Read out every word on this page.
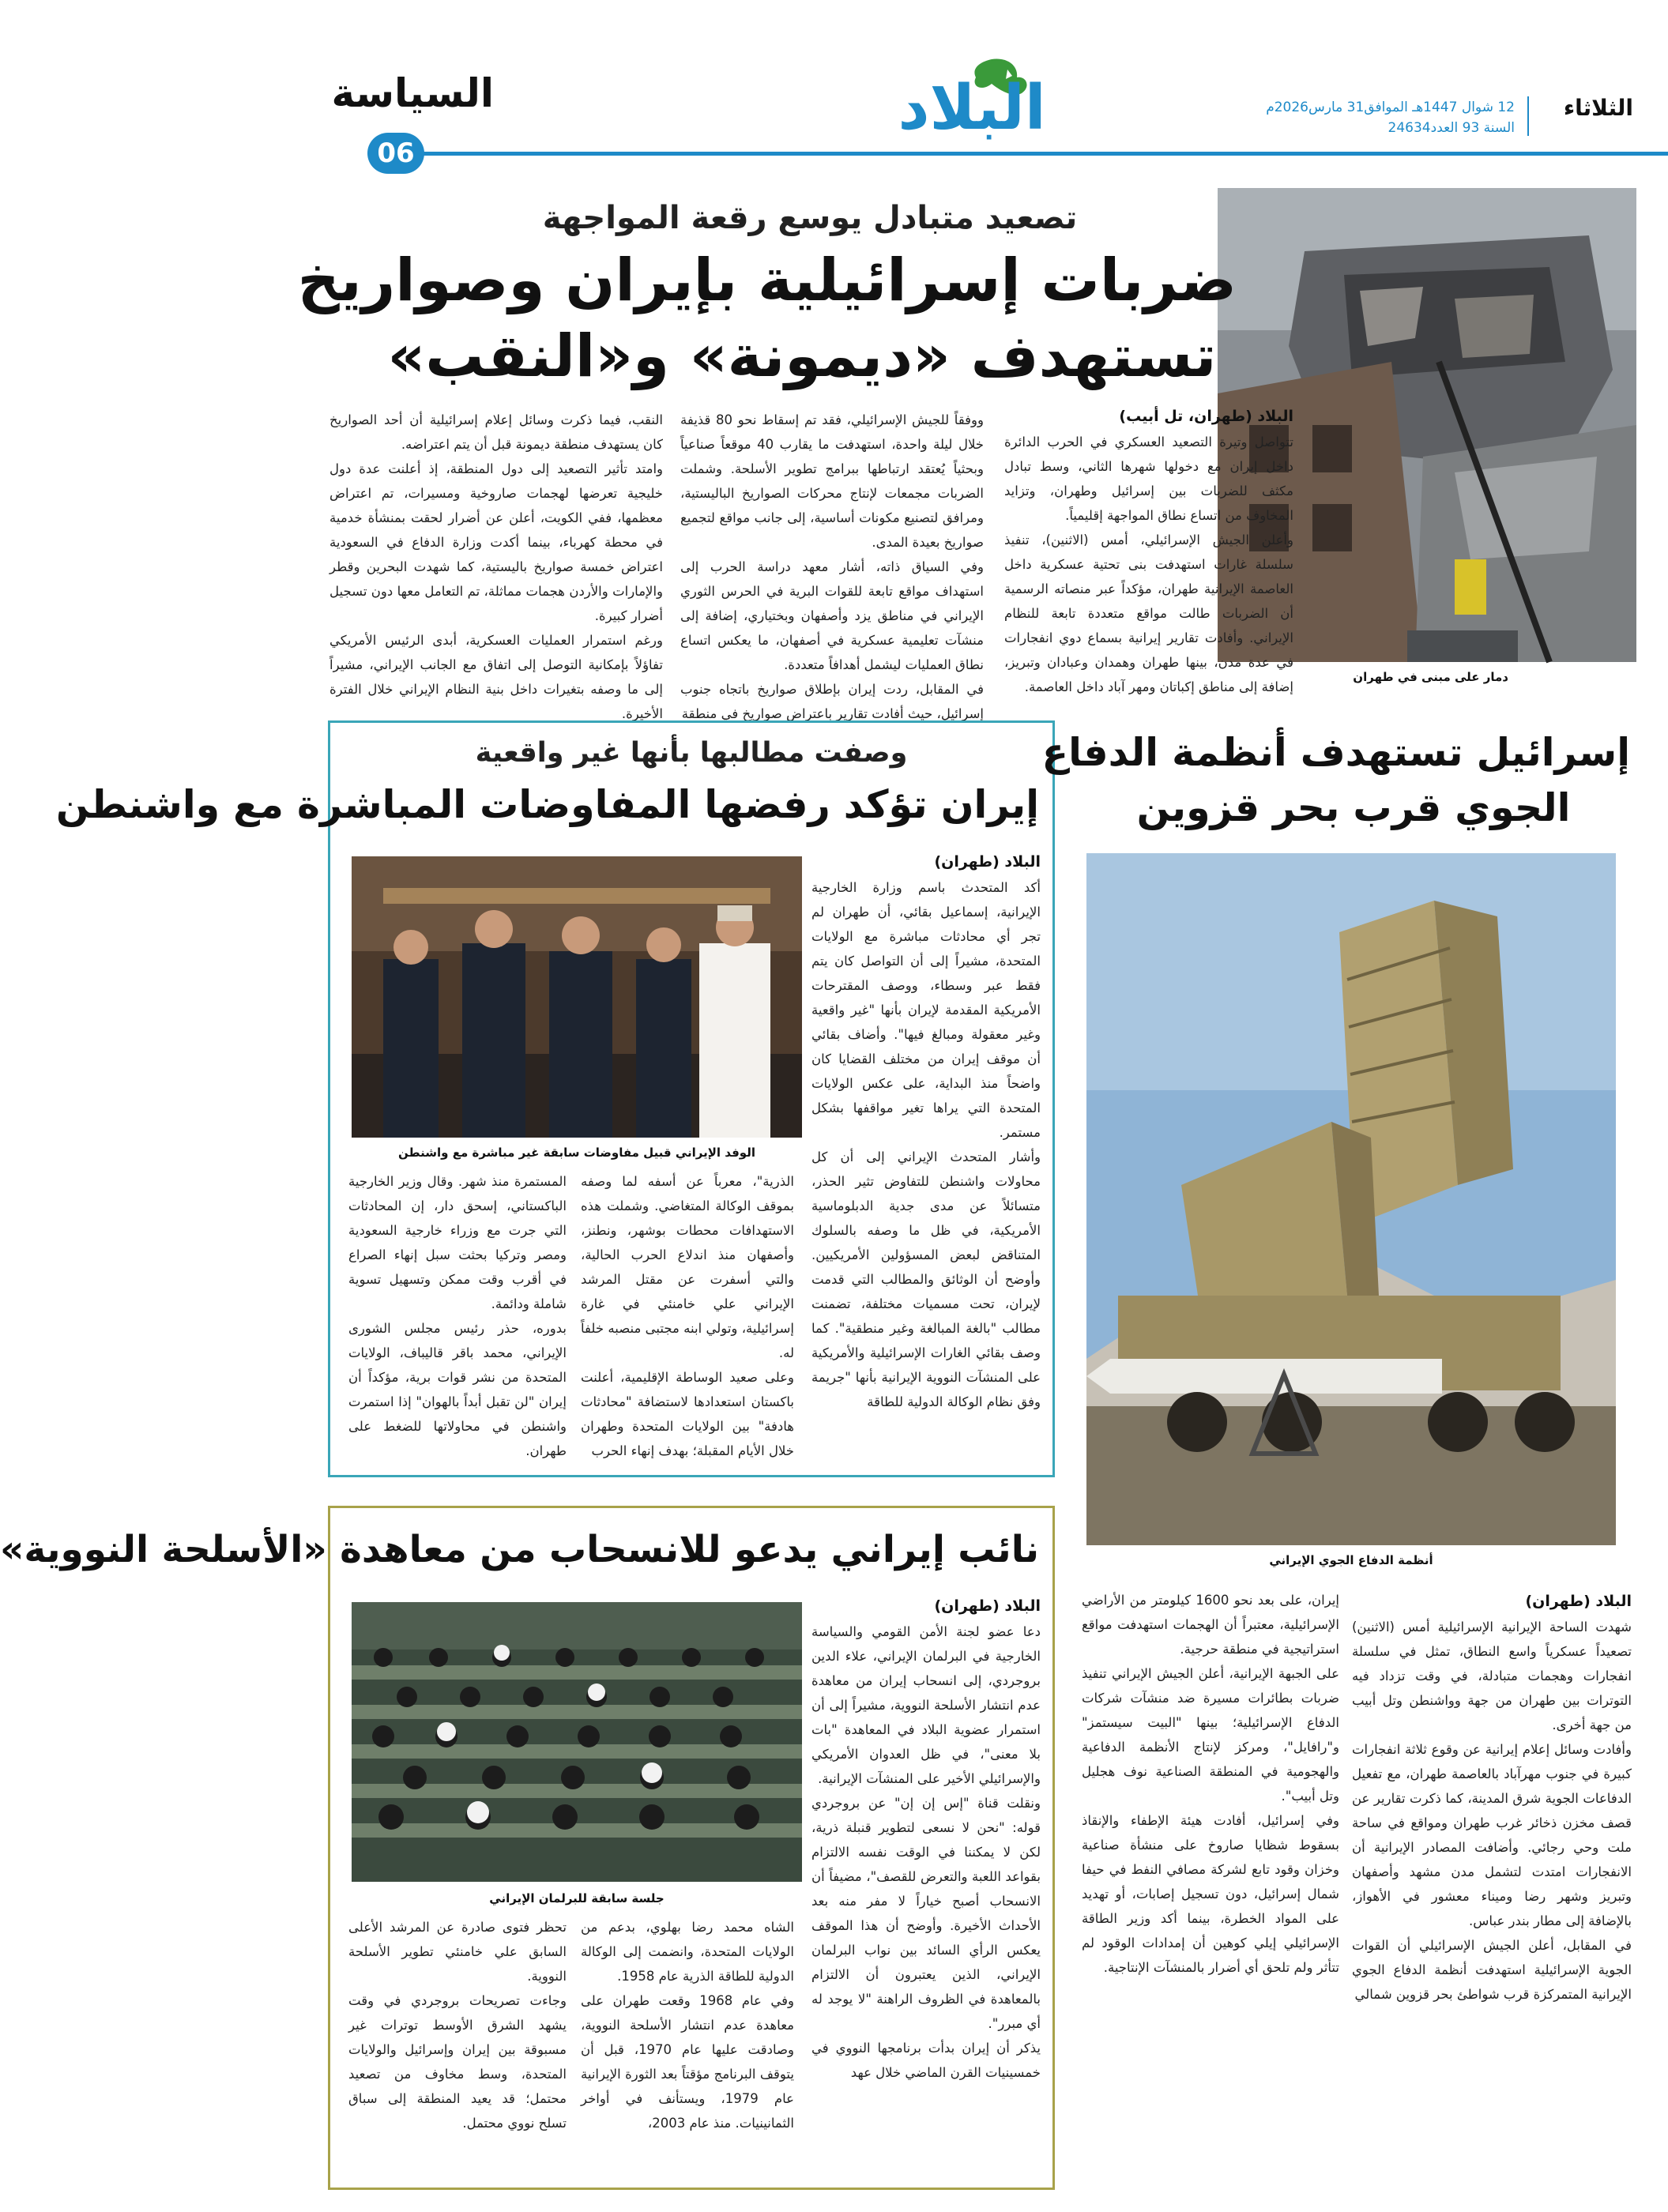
السياسة
06
البلاد	الثلاثاء
12 شوال 1447هـ الموافق31 مارس2026م
السنة 93 العدد24634
دمار على مبنى في طهران
تصعيد متبادل يوسع رقعة المواجهة
ضربات إسرائيلية بإيران وصواريخ
تستهدف «ديمونة» و«النقب»
البلاد (طهران، تل أبيب)

تتواصل وتيرة التصعيد العسكري في الحرب الدائرة داخل إيران مع دخولها شهرها الثاني، وسط تبادل مكثف للضربات بين إسرائيل وطهران، وتزايد المخاوف من اتساع نطاق المواجهة إقليمياً.

وأعلن الجيش الإسرائيلي، أمس (الاثنين)، تنفيذ سلسلة غارات استهدفت بنى تحتية عسكرية داخل العاصمة الإيرانية طهران، مؤكداً عبر منصاته الرسمية أن الضربات طالت مواقع متعددة تابعة للنظام الإيراني. وأفادت تقارير إيرانية بسماع دوي انفجارات في عدة مدن، بينها طهران وهمدان وعبادان وتبريز، إضافة إلى مناطق إكباتان ومهر آباد داخل العاصمة.

ووفقاً للجيش الإسرائيلي، فقد تم إسقاط نحو 80 قذيفة خلال ليلة واحدة، استهدفت ما يقارب 40 موقعاً صناعياً وبحثياً يُعتقد ارتباطها ببرامج تطوير الأسلحة. وشملت الضربات مجمعات لإنتاج محركات الصواريخ الباليستية، ومرافق لتصنيع مكونات أساسية، إلى جانب مواقع لتجميع صواريخ بعيدة المدى.

وفي السياق ذاته، أشار معهد دراسة الحرب إلى استهداف مواقع تابعة للقوات البرية في الحرس الثوري الإيراني في مناطق يزد وأصفهان وبختياري، إضافة إلى منشآت تعليمية عسكرية في أصفهان، ما يعكس اتساع نطاق العمليات ليشمل أهدافاً متعددة.

في المقابل، ردت إيران بإطلاق صواريخ باتجاه جنوب إسرائيل، حيث أفادت تقارير باعتراض صواريخ في منطقة

النقب، فيما ذكرت وسائل إعلام إسرائيلية أن أحد الصواريخ كان يستهدف منطقة ديمونة قبل أن يتم اعتراضه.

وامتد تأثير التصعيد إلى دول المنطقة، إذ أعلنت عدة دول خليجية تعرضها لهجمات صاروخية ومسيرات، تم اعتراض معظمها، ففي الكويت، أعلن عن أضرار لحقت بمنشأة خدمية في محطة كهرباء، بينما أكدت وزارة الدفاع في السعودية اعتراض خمسة صواريخ باليستية، كما شهدت البحرين وقطر والإمارات والأردن هجمات مماثلة، تم التعامل معها دون تسجيل أضرار كبيرة.

ورغم استمرار العمليات العسكرية، أبدى الرئيس الأمريكي تفاؤلاً بإمكانية التوصل إلى اتفاق مع الجانب الإيراني، مشيراً إلى ما وصفه بتغيرات داخل بنية النظام الإيراني خلال الفترة الأخيرة.

وصفت مطالبها بأنها غير واقعية
إيران تؤكد رفضها المفاوضات المباشرة مع واشنطن
الوفد الإيراني قبيل مفاوضات سابقة غير مباشرة مع واشنطن
البلاد (طهران)

أكد المتحدث باسم وزارة الخارجية الإيرانية، إسماعيل بقائي، أن طهران لم تجر أي محادثات مباشرة مع الولايات المتحدة، مشيراً إلى أن التواصل كان يتم فقط عبر وسطاء، ووصف المقترحات الأمريكية المقدمة لإيران بأنها "غير واقعية وغير معقولة ومبالغ فيها". وأضاف بقائي أن موقف إيران من مختلف القضايا كان واضحاً منذ البداية، على عكس الولايات المتحدة التي يراها تغير مواقفها بشكل مستمر.

وأشار المتحدث الإيراني إلى أن كل محاولات واشنطن للتفاوض تثير الحذر، متسائلاً عن مدى جدية الدبلوماسية الأمريكية، في ظل ما وصفه بالسلوك المتناقض لبعض المسؤولين الأمريكيين. وأوضح أن الوثائق والمطالب التي قدمت لإيران، تحت مسميات مختلفة، تضمنت مطالب "بالغة المبالغة وغير منطقية". كما وصف بقائي الغارات الإسرائيلية والأمريكية على المنشآت النووية الإيرانية بأنها "جريمة وفق نظام الوكالة الدولية للطاقة

الذرية"، معرباً عن أسفه لما وصفه بموقف الوكالة المتغاضي. وشملت هذه الاستهدافات محطات بوشهر، ونطنز، وأصفهان منذ اندلاع الحرب الحالية، والتي أسفرت عن مقتل المرشد الإيراني علي خامنئي في غارة إسرائيلية، وتولي ابنه مجتبى منصبه خلفاً له.

وعلى صعيد الوساطة الإقليمية، أعلنت باكستان استعدادها لاستضافة "محادثات هادفة" بين الولايات المتحدة وطهران خلال الأيام المقبلة؛ بهدف إنهاء الحرب

المستمرة منذ شهر. وقال وزير الخارجية الباكستاني، إسحق دار، إن المحادثات التي جرت مع وزراء خارجية السعودية ومصر وتركيا بحثت سبل إنهاء الصراع في أقرب وقت ممكن وتسهيل تسوية شاملة ودائمة.

بدوره، حذر رئيس مجلس الشورى الإيراني، محمد باقر قاليباف، الولايات المتحدة من نشر قوات برية، مؤكداً أن إيران "لن تقبل أبداً بالهوان" إذا استمرت واشنطن في محاولاتها للضغط على طهران.

إسرائيل تستهدف أنظمة الدفاع
الجوي قرب بحر قزوين
أنظمة الدفاع الجوي الإيراني
البلاد (طهران)

شهدت الساحة الإيرانية الإسرائيلية أمس (الاثنين) تصعيداً عسكرياً واسع النطاق، تمثل في سلسلة انفجارات وهجمات متبادلة، في وقت تزداد فيه التوترات بين طهران من جهة وواشنطن وتل أبيب من جهة أخرى.

وأفادت وسائل إعلام إيرانية عن وقوع ثلاثة انفجارات كبيرة في جنوب مهرآباد بالعاصمة طهران، مع تفعيل الدفاعات الجوية شرق المدينة، كما ذكرت تقارير عن قصف مخزن ذخائر غرب طهران ومواقع في ساحة ملت وحي رجائي. وأضافت المصادر الإيرانية أن الانفجارات امتدت لتشمل مدن مشهد وأصفهان وتبريز وشهر رضا وميناء معشور في الأهواز، بالإضافة إلى مطار بندر عباس.

في المقابل، أعلن الجيش الإسرائيلي أن القوات الجوية الإسرائيلية استهدفت أنظمة الدفاع الجوي الإيرانية المتمركزة قرب شواطئ بحر قزوين شمالي

إيران، على بعد نحو 1600 كيلومتر من الأراضي الإسرائيلية، معتبراً أن الهجمات استهدفت مواقع استراتيجية في منطقة حرجية.

على الجبهة الإيرانية، أعلن الجيش الإيراني تنفيذ ضربات بطائرات مسيرة ضد منشآت شركات الدفاع الإسرائيلية؛ بينها "البيت سيستمز" و"رافايل"، ومركز لإنتاج الأنظمة الدفاعية والهجومية في المنطقة الصناعية نوف هجليل وتل أبيب".

وفي إسرائيل، أفادت هيئة الإطفاء والإنقاذ بسقوط شظايا صاروخ على منشأة صناعية وخزان وقود تابع لشركة مصافي النفط في حيفا شمال إسرائيل، دون تسجيل إصابات، أو تهديد على المواد الخطرة، بينما أكد وزير الطاقة الإسرائيلي إيلي كوهين أن إمدادات الوقود لم تتأثر ولم تلحق أي أضرار بالمنشآت الإنتاجية.

نائب إيراني يدعو للانسحاب من معاهدة «الأسلحة النووية»
جلسة سابقة للبرلمان الإيراني
البلاد (طهران)

دعا عضو لجنة الأمن القومي والسياسة الخارجية في البرلمان الإيراني، علاء الدين بروجردي، إلى انسحاب إيران من معاهدة عدم انتشار الأسلحة النووية، مشيراً إلى أن استمرار عضوية البلاد في المعاهدة "بات بلا معنى"، في ظل العدوان الأمريكي والإسرائيلي الأخير على المنشآت الإيرانية.

ونقلت قناة "إس إن إن" عن بروجردي قوله: "نحن لا نسعى لتطوير قنبلة ذرية، لكن لا يمكننا في الوقت نفسه الالتزام بقواعد اللعبة والتعرض للقصف"، مضيفاً أن الانسحاب أصبح خياراً لا مفر منه بعد الأحداث الأخيرة. وأوضح أن هذا الموقف يعكس الرأي السائد بين نواب البرلمان الإيراني، الذين يعتبرون أن الالتزام بالمعاهدة في الظروف الراهنة "لا يوجد له أي مبرر".

يذكر أن إيران بدأت برنامجها النووي في خمسينيات القرن الماضي خلال عهد

الشاه محمد رضا بهلوي، بدعم من الولايات المتحدة، وانضمت إلى الوكالة الدولية للطاقة الذرية عام 1958.

وفي عام 1968 وقعت طهران على معاهدة عدم انتشار الأسلحة النووية، وصادقت عليها عام 1970، قبل أن يتوقف البرنامج مؤقتاً بعد الثورة الإيرانية عام 1979، ويستأنف في أواخر الثمانينيات. منذ عام 2003،

تحظر فتوى صادرة عن المرشد الأعلى السابق علي خامنئي تطوير الأسلحة النووية.

وجاءت تصريحات بروجردي في وقت يشهد الشرق الأوسط توترات غير مسبوقة بين إيران وإسرائيل والولايات المتحدة، وسط مخاوف من تصعيد محتمل؛ قد يعيد المنطقة إلى سباق تسلح نووي محتمل.
